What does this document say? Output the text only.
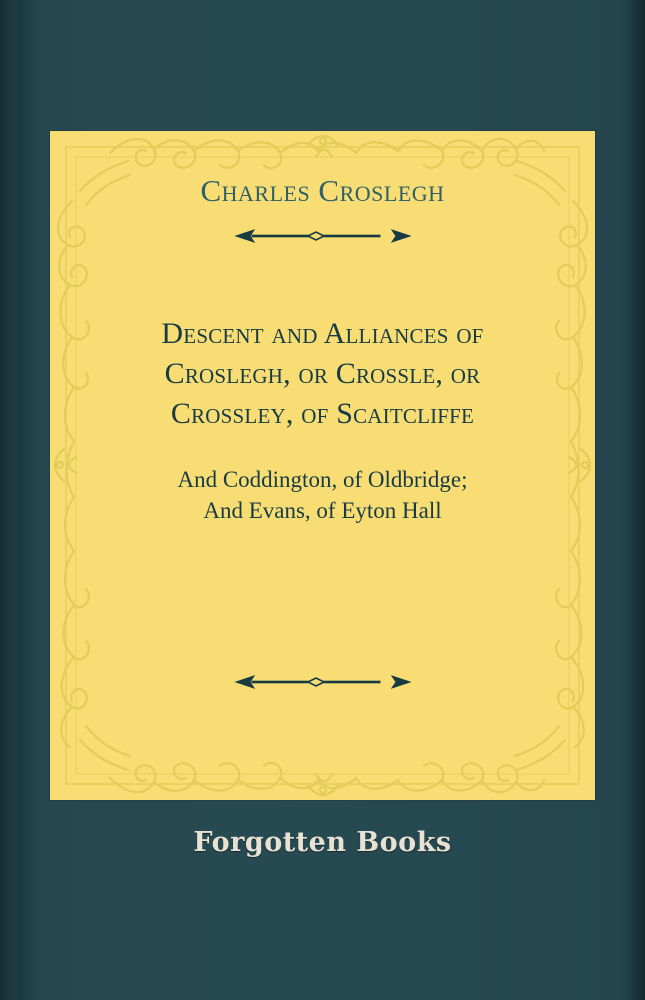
Charles Croslegh
Descent and Alliances of
Croslegh, or Crossle, or
Crossley, of Scaitcliffe
And Coddington, of Oldbridge;
And Evans, of Eyton Hall
Forgotten Books
